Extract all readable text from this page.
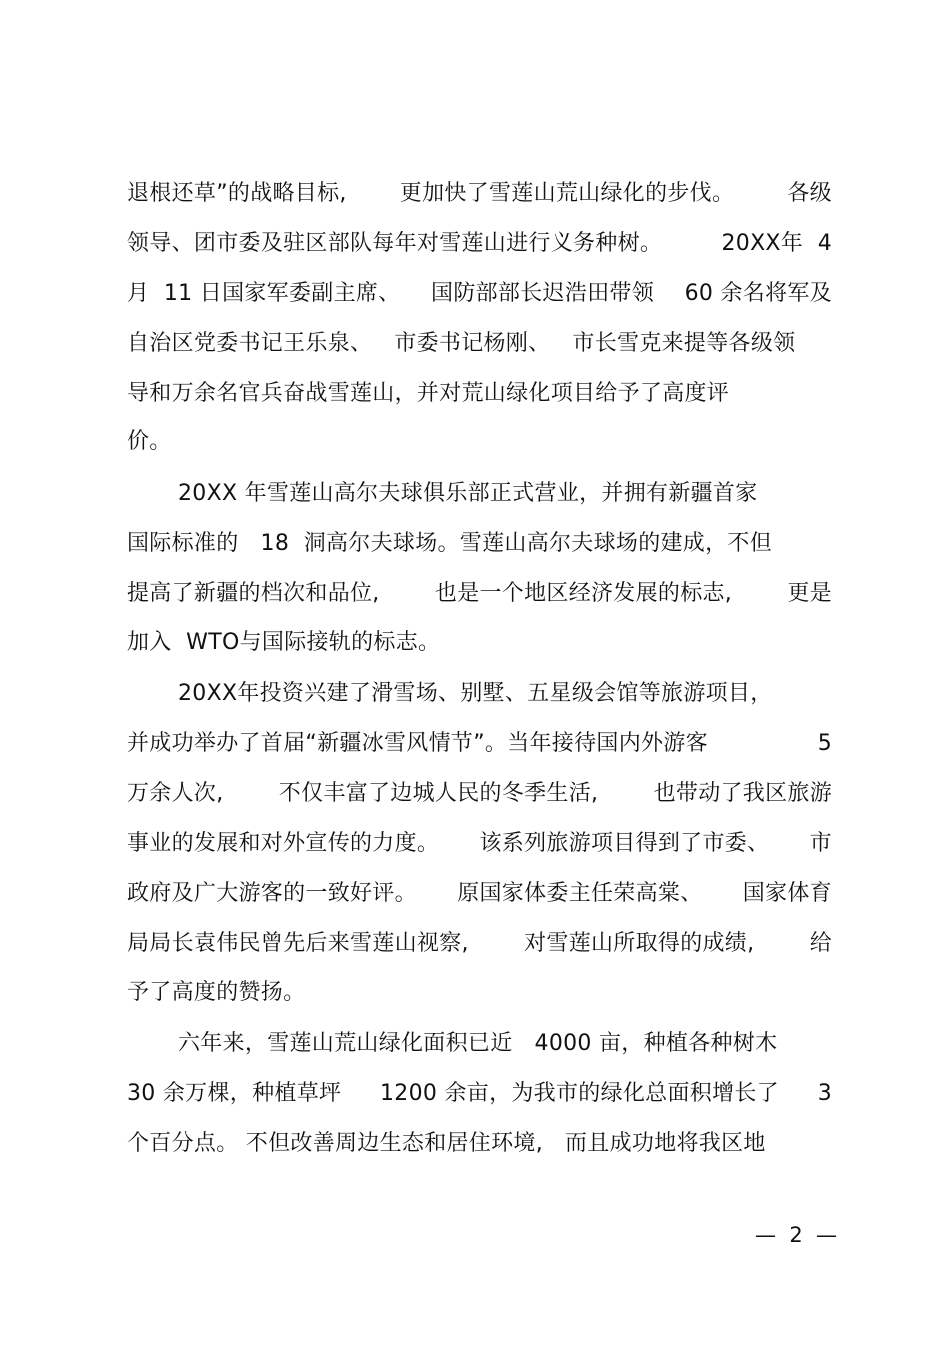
退根还草”的战略目标, 更加快了雪莲山荒山绿化的步伐。 各级
领导、团市委及驻区部队每年对雪莲山进行义务种树。	20XX年  4
月  11 日国家军委副主席、 国防部部长迟浩田带领 60 余名将军及
自治区党委书记王乐泉、 市委书记杨刚、 市长雪克来提等各级领
导和万余名官兵奋战雪莲山，并对荒山绿化项目给予了高度评
价。
20XX 年雪莲山高尔夫球俱乐部正式营业，并拥有新疆首家
国际标准的 18  洞高尔夫球场。雪莲山高尔夫球场的建成，不但
提高了新疆的档次和品位,	也是一个地区经济发展的标志,	更是
加入  WTO与国际接轨的标志。
20XX年投资兴建了滑雪场、别墅、五星级会馆等旅游项目，
并成功举办了首届“新疆冰雪风情节”。当年接待国内外游客	5
万余人次,	不仅丰富了边城人民的冬季生活,	也带动了我区旅游
事业的发展和对外宣传的力度。 该系列旅游项目得到了市委、 市
政府及广大游客的一致好评。 原国家体委主任荣高棠、 国家体育
局局长袁伟民曾先后来雪莲山视察,	对雪莲山所取得的成绩,	给
予了高度的赞扬。
六年来，雪莲山荒山绿化面积已近 4000 亩，种植各种树木
30 余万棵，种植草坪 1200 余亩，为我市的绿化总面积增长了 3
个百分点。 不但改善周边生态和居住环境, 而且成功地将我区地
—  2  —
